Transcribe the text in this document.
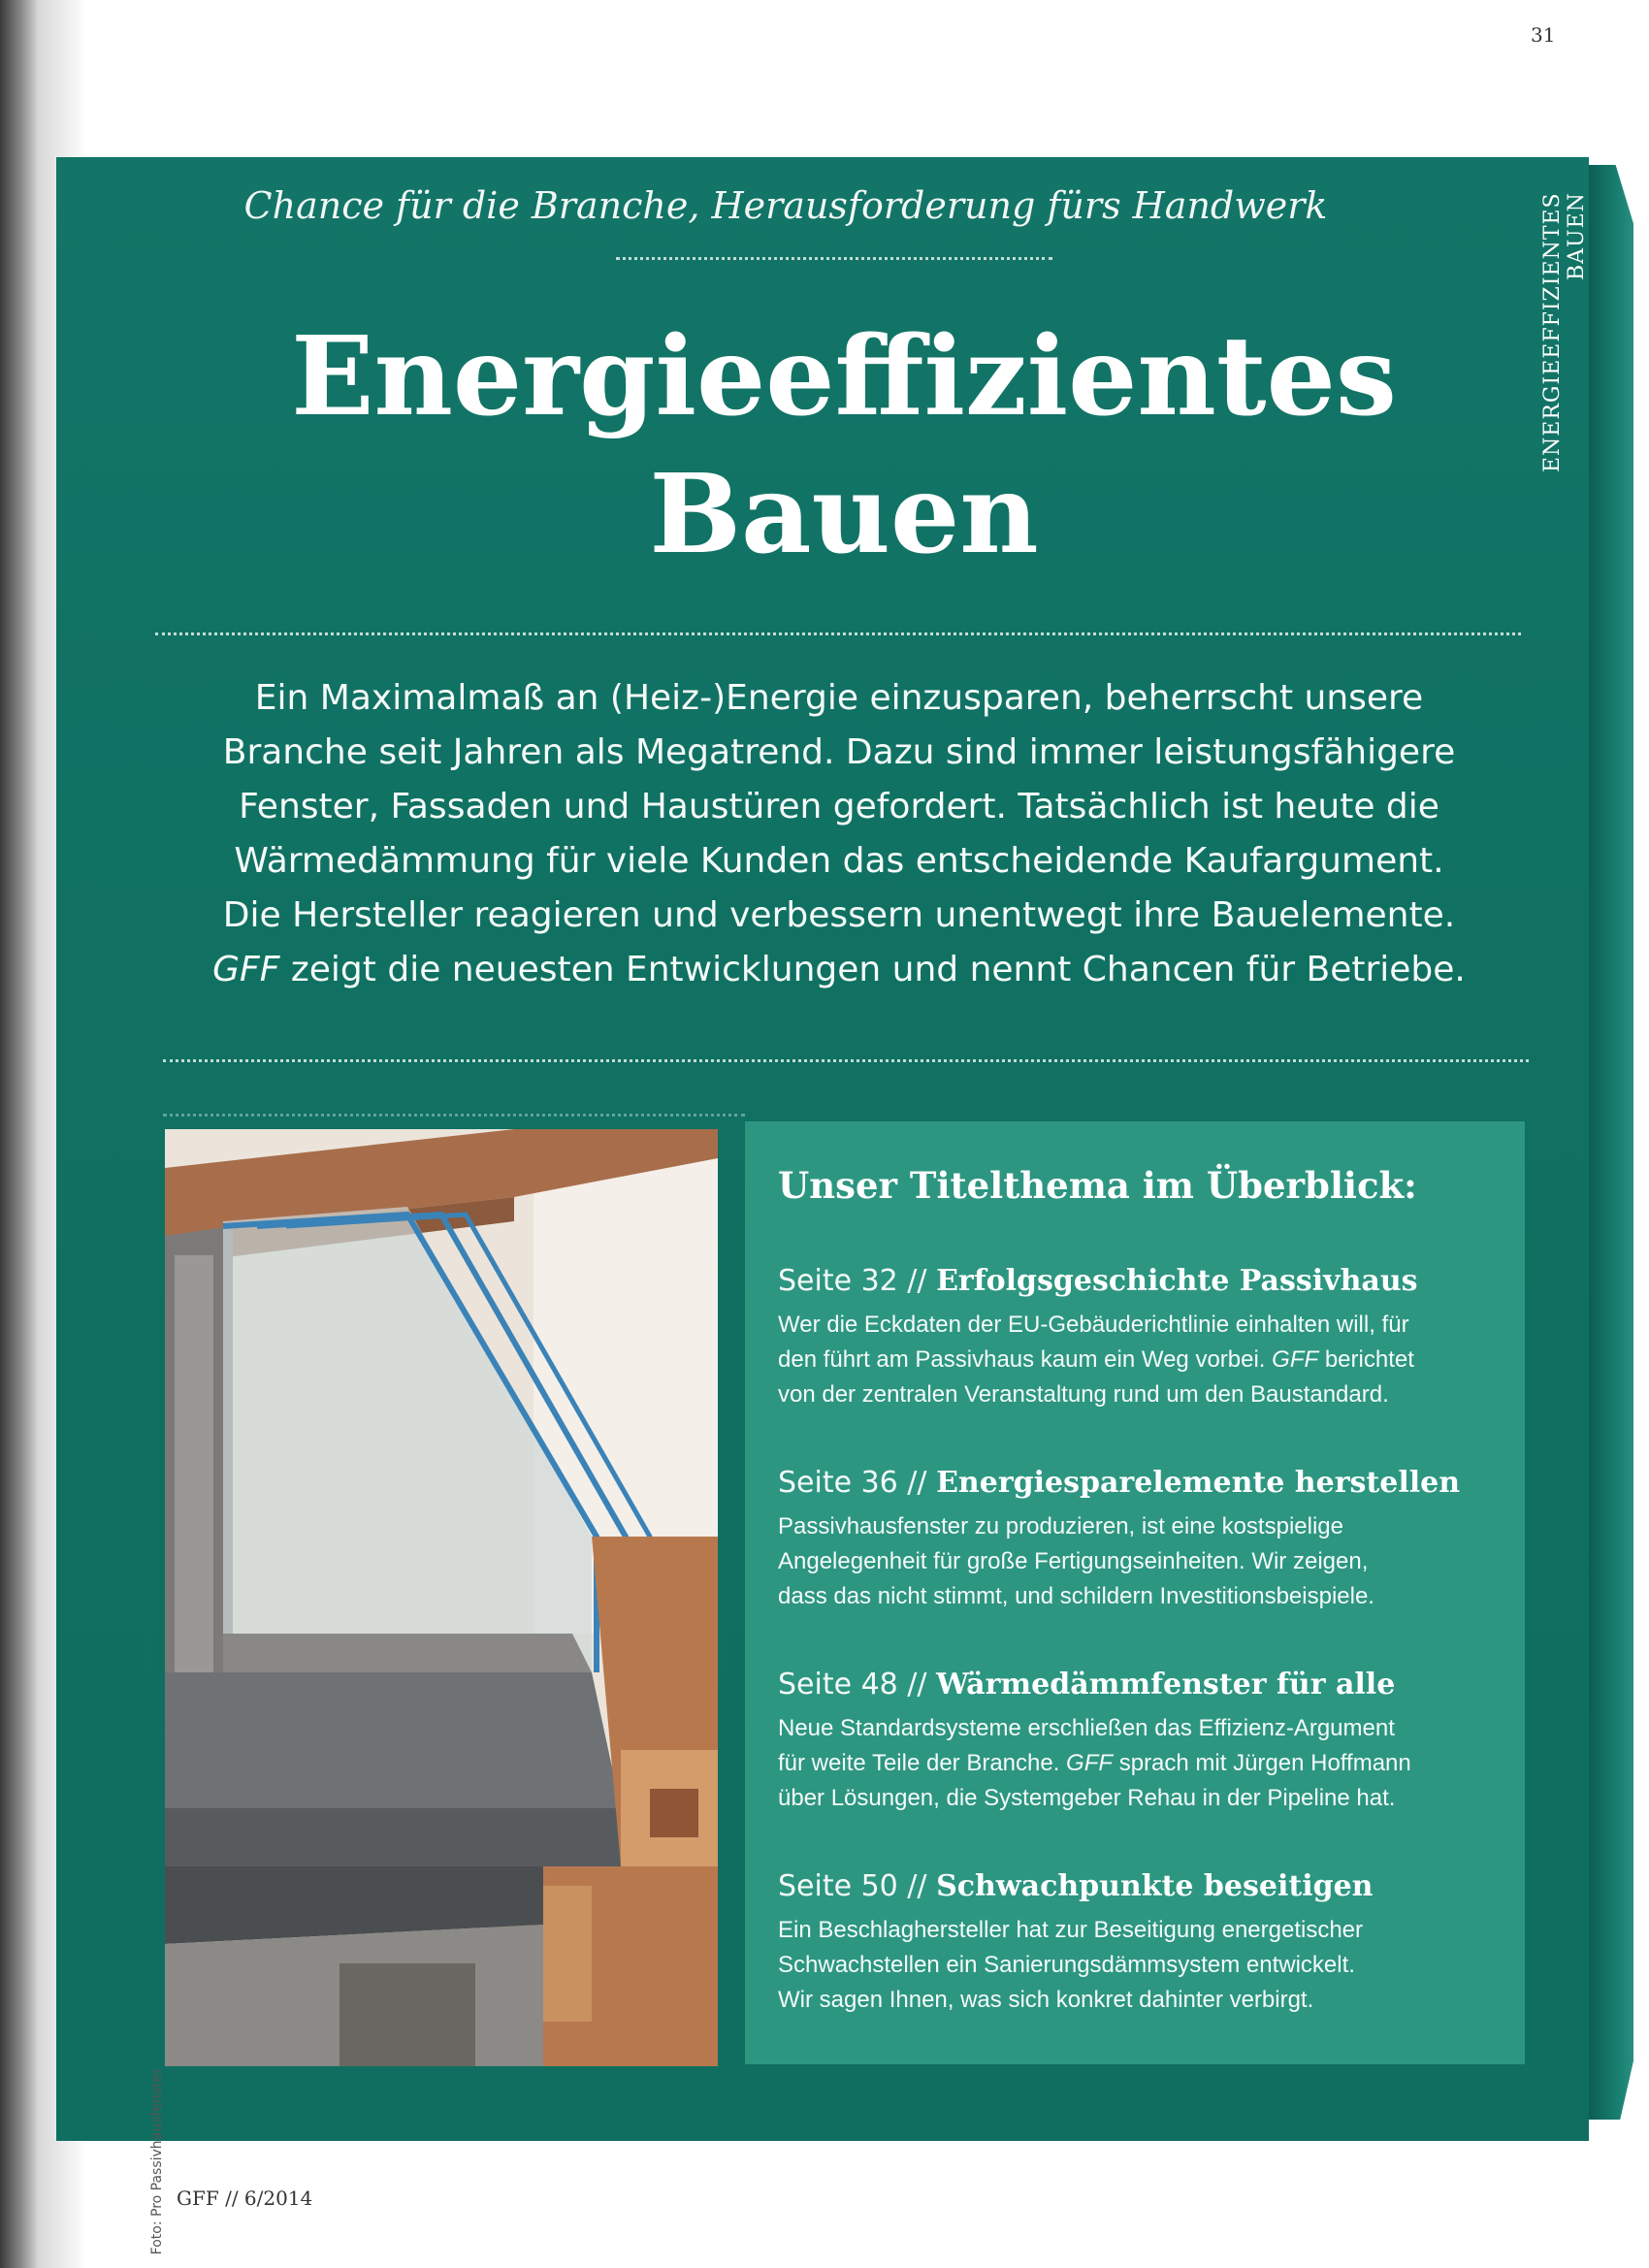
31
ENERGIEEFFIZIENTES BAUEN
Chance für die Branche, Herausforderung fürs Handwerk
Energieeffizientes
Bauen
Ein Maximalmaß an (Heiz-)Energie einzusparen, beherrscht unsere
Branche seit Jahren als Megatrend. Dazu sind immer leistungsfähigere
Fenster, Fassaden und Haustüren gefordert. Tatsächlich ist heute die
Wärmedämmung für viele Kunden das entscheidende Kaufargument.
Die Hersteller reagieren und verbessern unentwegt ihre Bauelemente.
GFF zeigt die neuesten Entwicklungen und nennt Chancen für Betriebe.
Foto: Pro Passivhausfenster
Unser Titelthema im Überblick:
Seite 32 // Erfolgsgeschichte Passivhaus
Wer die Eckdaten der EU-Gebäuderichtlinie einhalten will, für
den führt am Passivhaus kaum ein Weg vorbei. GFF berichtet
von der zentralen Veranstaltung rund um den Baustandard.
Seite 36 // Energiesparelemente herstellen
Passivhausfenster zu produzieren, ist eine kostspielige
Angelegenheit für große Fertigungseinheiten. Wir zeigen,
dass das nicht stimmt, und schildern Investitionsbeispiele.
Seite 48 // Wärmedämmfenster für alle
Neue Standardsysteme erschließen das Effizienz-Argument
für weite Teile der Branche. GFF sprach mit Jürgen Hoffmann
über Lösungen, die Systemgeber Rehau in der Pipeline hat.
Seite 50 // Schwachpunkte beseitigen
Ein Beschlaghersteller hat zur Beseitigung energetischer
Schwachstellen ein Sanierungsdämmsystem entwickelt.
Wir sagen Ihnen, was sich konkret dahinter verbirgt.
GFF // 6/2014
